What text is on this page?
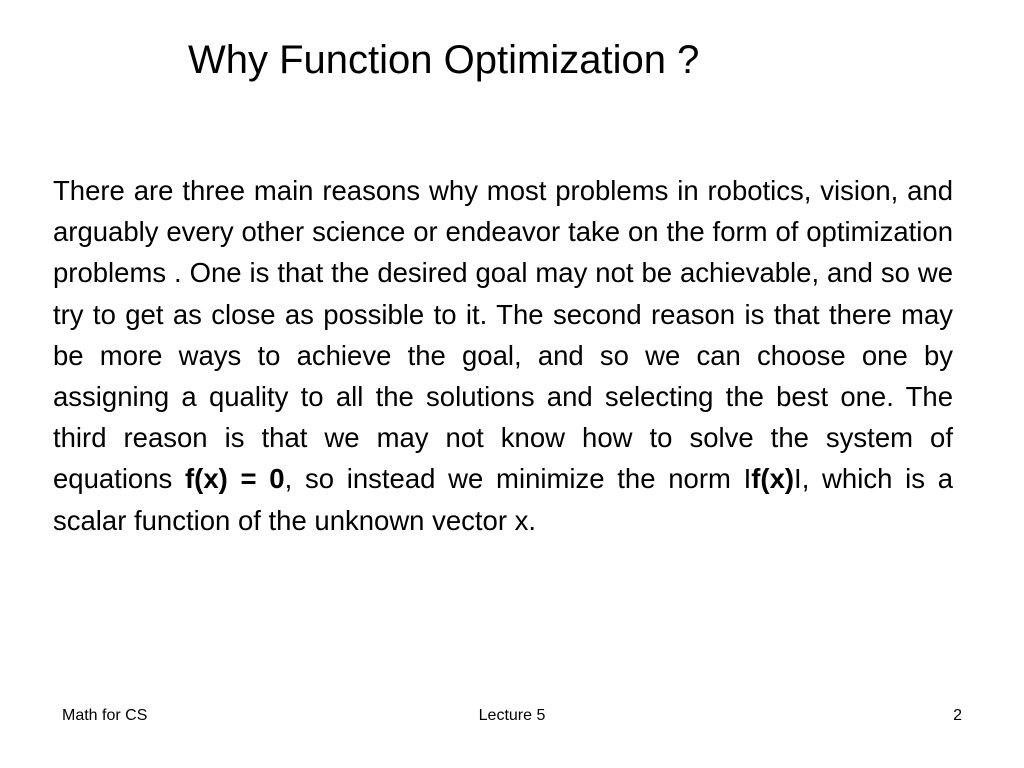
Why Function Optimization ?

There are three main reasons why most problems in robotics, vision, and arguably every other science or endeavor take on the form of optimization problems . One is that the desired goal may not be achievable, and so we try to get as close as possible to it. The second reason is that there may be more ways to achieve the goal, and so we can choose one by assigning a quality to all the solutions and selecting the best one. The third reason is that we may not know how to solve the system of equations f(x) = 0, so instead we minimize the norm If(x)I, which is a scalar function of the unknown vector x.

Math for CS	Lecture 5	2
